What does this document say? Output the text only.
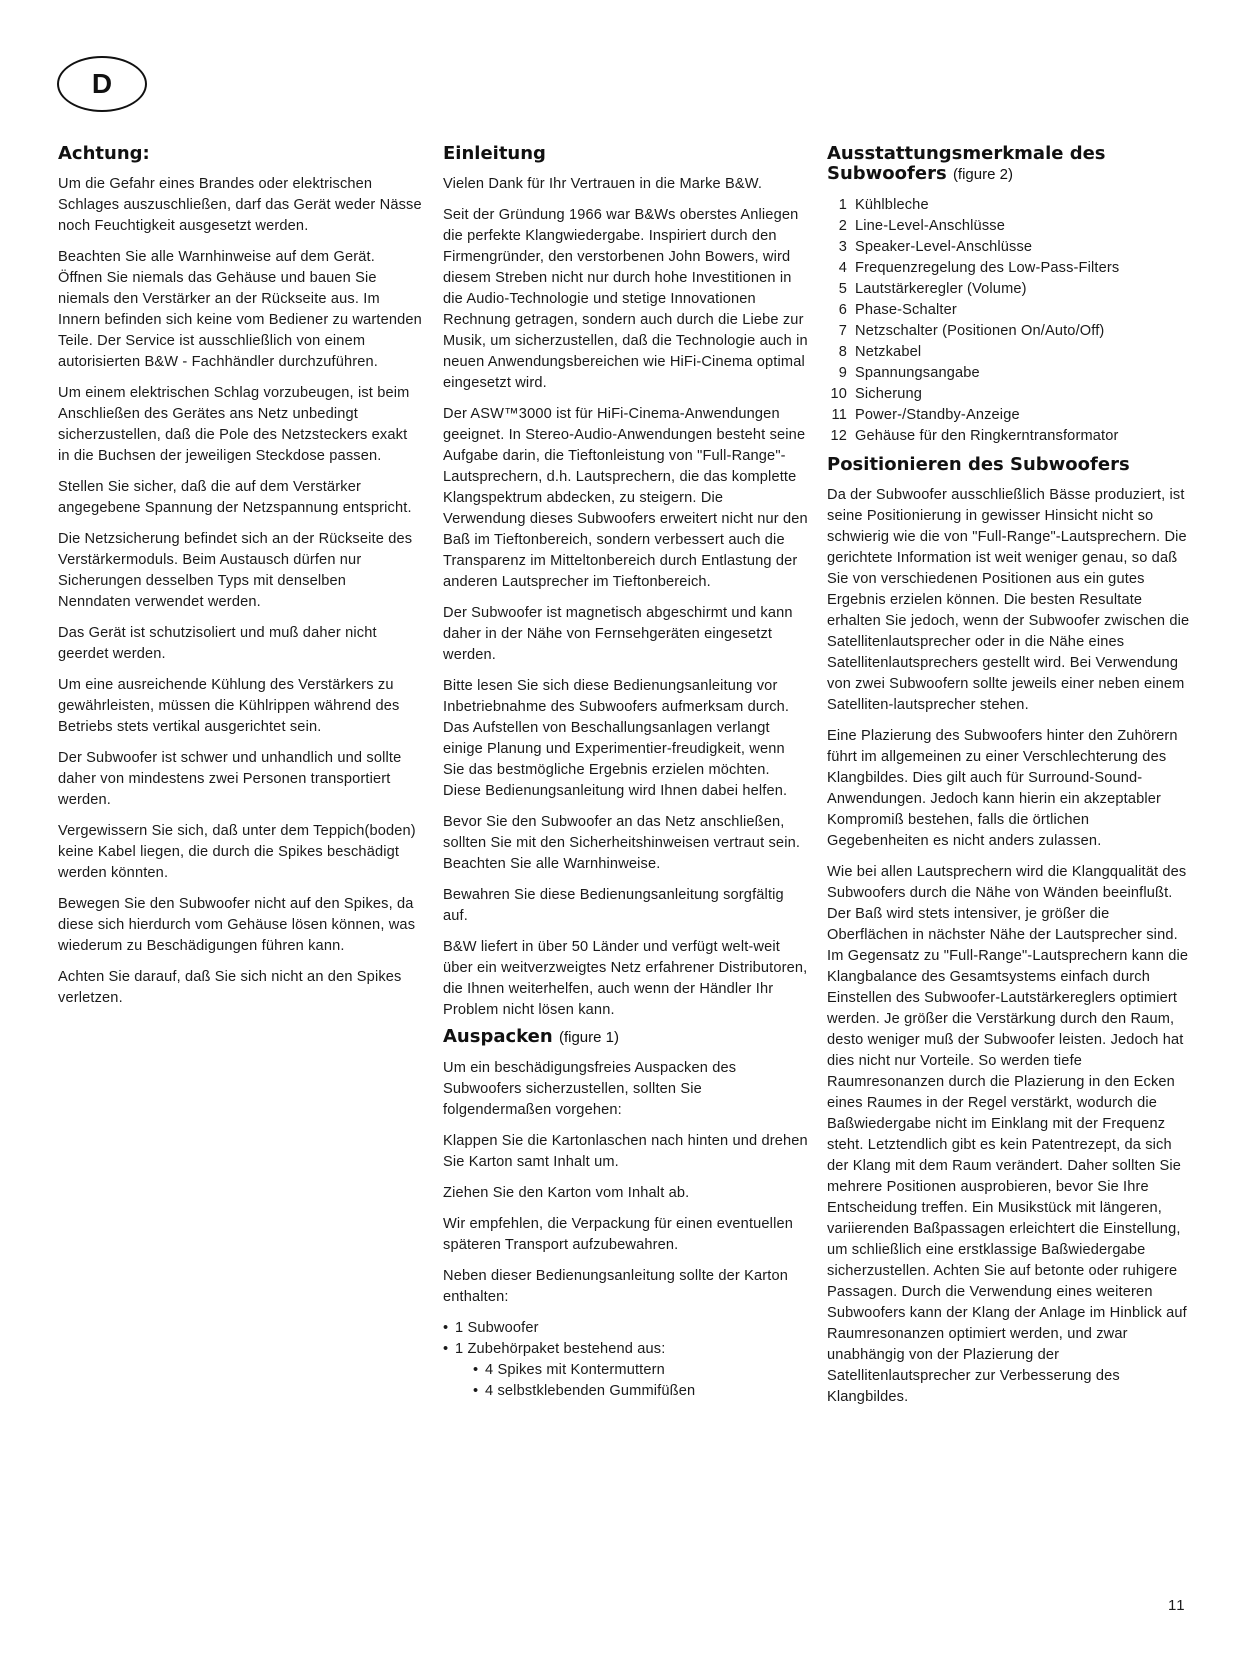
D
Achtung:

Um die Gefahr eines Brandes oder elektrischen Schlages auszuschließen, darf das Gerät weder Nässe noch Feuchtigkeit ausgesetzt werden.

Beachten Sie alle Warnhinweise auf dem Gerät. Öffnen Sie niemals das Gehäuse und bauen Sie niemals den Verstärker an der Rückseite aus. Im Innern befinden sich keine vom Bediener zu wartenden Teile. Der Service ist ausschließlich von einem autorisierten B&W - Fachhändler durchzuführen.

Um einem elektrischen Schlag vorzubeugen, ist beim Anschließen des Gerätes ans Netz unbedingt sicherzustellen, daß die Pole des Netzsteckers exakt in die Buchsen der jeweiligen Steckdose passen.

Stellen Sie sicher, daß die auf dem Verstärker angegebene Spannung der Netzspannung entspricht.

Die Netzsicherung befindet sich an der Rückseite des Verstärkermoduls. Beim Austausch dürfen nur Sicherungen desselben Typs mit denselben Nenndaten verwendet werden.

Das Gerät ist schutzisoliert und muß daher nicht geerdet werden.

Um eine ausreichende Kühlung des Verstärkers zu gewährleisten, müssen die Kühlrippen während des Betriebs stets vertikal ausgerichtet sein.

Der Subwoofer ist schwer und unhandlich und sollte daher von mindestens zwei Personen transportiert werden.

Vergewissern Sie sich, daß unter dem Teppich(boden) keine Kabel liegen, die durch die Spikes beschädigt werden könnten.

Bewegen Sie den Subwoofer nicht auf den Spikes, da diese sich hierdurch vom Gehäuse lösen können, was wiederum zu Beschädigungen führen kann.

Achten Sie darauf, daß Sie sich nicht an den Spikes verletzen.

Einleitung

Vielen Dank für Ihr Vertrauen in die Marke B&W.

Seit der Gründung 1966 war B&Ws oberstes Anliegen die perfekte Klangwiedergabe. Inspiriert durch den Firmengründer, den verstorbenen John Bowers, wird diesem Streben nicht nur durch hohe Investitionen in die Audio-Technologie und stetige Innovationen Rechnung getragen, sondern auch durch die Liebe zur Musik, um sicherzustellen, daß die Technologie auch in neuen Anwendungsbereichen wie HiFi-Cinema optimal eingesetzt wird.

Der ASW™3000 ist für HiFi-Cinema-Anwendungen geeignet. In Stereo-Audio-Anwendungen besteht seine Aufgabe darin, die Tieftonleistung von "Full-Range"-Lautsprechern, d.h. Lautsprechern, die das komplette Klangspektrum abdecken, zu steigern. Die Verwendung dieses Subwoofers erweitert nicht nur den Baß im Tieftonbereich, sondern verbessert auch die Transparenz im Mitteltonbereich durch Entlastung der anderen Lautsprecher im Tieftonbereich.

Der Subwoofer ist magnetisch abgeschirmt und kann daher in der Nähe von Fernsehgeräten eingesetzt werden.

Bitte lesen Sie sich diese Bedienungsanleitung vor Inbetriebnahme des Subwoofers aufmerksam durch. Das Aufstellen von Beschallungsanlagen verlangt einige Planung und Experimentier-freudigkeit, wenn Sie das bestmögliche Ergebnis erzielen möchten. Diese Bedienungsanleitung wird Ihnen dabei helfen.

Bevor Sie den Subwoofer an das Netz anschließen, sollten Sie mit den Sicherheitshinweisen vertraut sein. Beachten Sie alle Warnhinweise.

Bewahren Sie diese Bedienungsanleitung sorgfältig auf.

B&W liefert in über 50 Länder und verfügt welt-weit über ein weitverzweigtes Netz erfahrener Distributoren, die Ihnen weiterhelfen, auch wenn der Händler Ihr Problem nicht lösen kann.

Auspacken (figure 1)

Um ein beschädigungsfreies Auspacken des Subwoofers sicherzustellen, sollten Sie folgendermaßen vorgehen:

Klappen Sie die Kartonlaschen nach hinten und drehen Sie Karton samt Inhalt um.

Ziehen Sie den Karton vom Inhalt ab.

Wir empfehlen, die Verpackung für einen eventuellen späteren Transport aufzubewahren.

Neben dieser Bedienungsanleitung sollte der Karton enthalten:

• 1 Subwoofer
• 1 Zubehörpaket bestehend aus:
• 4 Spikes mit Kontermuttern
• 4 selbstklebenden Gummifüßen
Ausstattungsmerkmale des Subwoofers (figure 2)
1 Kühlbleche
2 Line-Level-Anschlüsse
3 Speaker-Level-Anschlüsse
4 Frequenzregelung des Low-Pass-Filters
5 Lautstärkeregler (Volume)
6 Phase-Schalter
7 Netzschalter (Positionen On/Auto/Off)
8 Netzkabel
9 Spannungsangabe
10 Sicherung
11 Power-/Standby-Anzeige
12 Gehäuse für den Ringkerntransformator
Positionieren des Subwoofers

Da der Subwoofer ausschließlich Bässe produziert, ist seine Positionierung in gewisser Hinsicht nicht so schwierig wie die von "Full-Range"-Lautsprechern. Die gerichtete Information ist weit weniger genau, so daß Sie von verschiedenen Positionen aus ein gutes Ergebnis erzielen können. Die besten Resultate erhalten Sie jedoch, wenn der Subwoofer zwischen die Satellitenlautsprecher oder in die Nähe eines Satellitenlautsprechers gestellt wird. Bei Verwendung von zwei Subwoofern sollte jeweils einer neben einem Satelliten-lautsprecher stehen.

Eine Plazierung des Subwoofers hinter den Zuhörern führt im allgemeinen zu einer Verschlechterung des Klangbildes. Dies gilt auch für Surround-Sound-Anwendungen. Jedoch kann hierin ein akzeptabler Kompromiß bestehen, falls die örtlichen Gegebenheiten es nicht anders zulassen.

Wie bei allen Lautsprechern wird die Klangqualität des Subwoofers durch die Nähe von Wänden beeinflußt. Der Baß wird stets intensiver, je größer die Oberflächen in nächster Nähe der Lautsprecher sind. Im Gegensatz zu "Full-Range"-Lautsprechern kann die Klangbalance des Gesamtsystems einfach durch Einstellen des Subwoofer-Lautstärkereglers optimiert werden. Je größer die Verstärkung durch den Raum, desto weniger muß der Subwoofer leisten. Jedoch hat dies nicht nur Vorteile. So werden tiefe Raumresonanzen durch die Plazierung in den Ecken eines Raumes in der Regel verstärkt, wodurch die Baßwiedergabe nicht im Einklang mit der Frequenz steht. Letztendlich gibt es kein Patentrezept, da sich der Klang mit dem Raum verändert. Daher sollten Sie mehrere Positionen ausprobieren, bevor Sie Ihre Entscheidung treffen. Ein Musikstück mit längeren, variierenden Baßpassagen erleichtert die Einstellung, um schließlich eine erstklassige Baßwiedergabe sicherzustellen. Achten Sie auf betonte oder ruhigere Passagen. Durch die Verwendung eines weiteren Subwoofers kann der Klang der Anlage im Hinblick auf Raumresonanzen optimiert werden, und zwar unabhängig von der Plazierung der Satellitenlautsprecher zur Verbesserung des Klangbildes.

11
